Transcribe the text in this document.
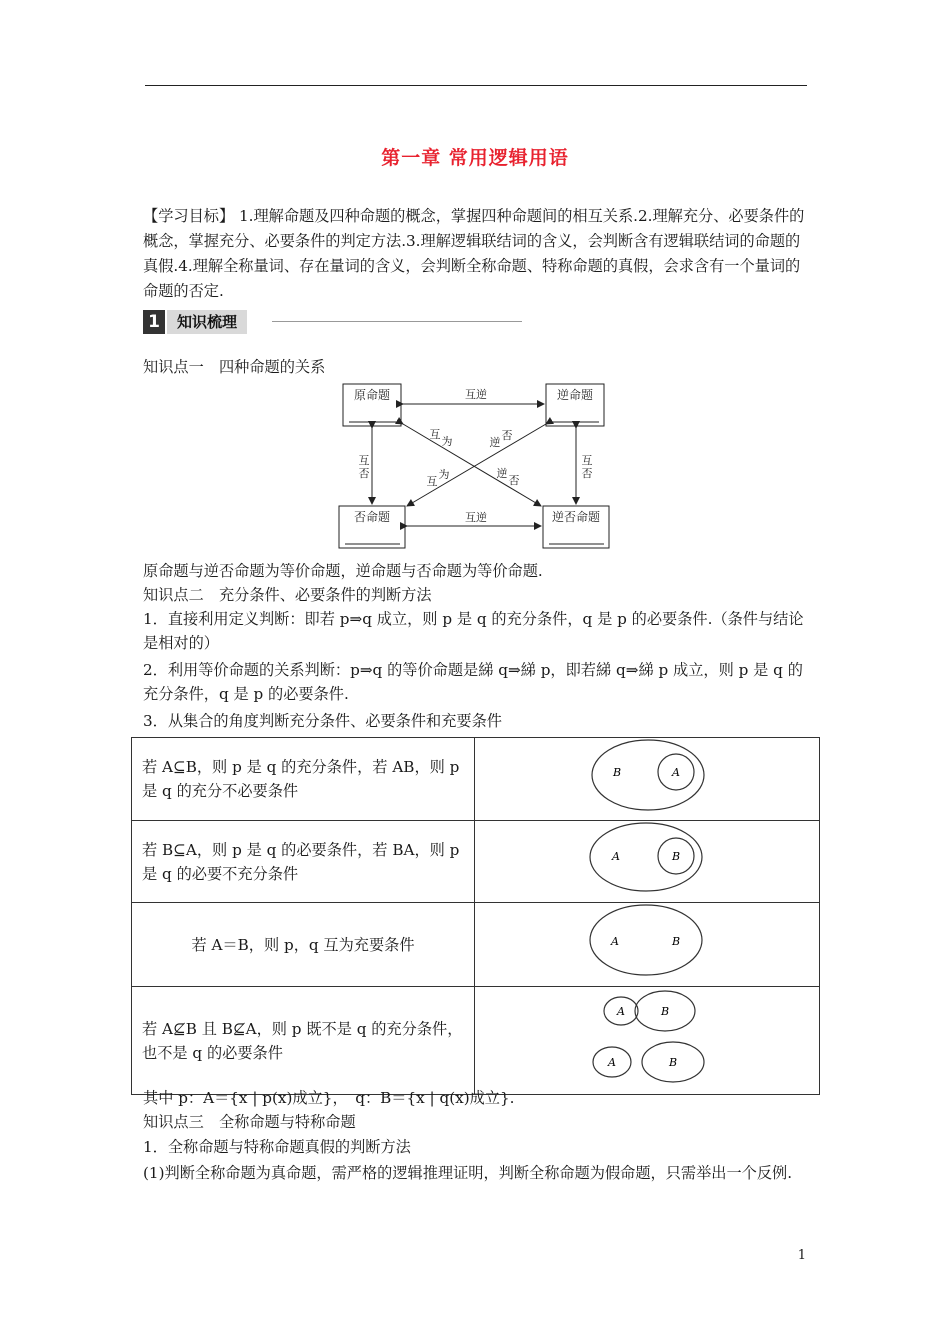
第一章 常用逻辑用语
【学习目标】 1.理解命题及四种命题的概念，掌握四种命题间的相互关系.2.理解充分、必要条件的概念，掌握充分、必要条件的判定方法.3.理解逻辑联结词的含义，会判断含有逻辑联结词的命题的真假.4.理解全称量词、存在量词的含义，会判断全称命题、特称命题的真假，会求含有一个量词的命题的否定.
1	知识梳理
知识点一　四种命题的关系
原命题	逆命题
否命题	逆否命题
互逆
互逆
互
否
互
否
互
为	逆
否
为
互
逆
否
原命题与逆否命题为等价命题，逆命题与否命题为等价命题.
知识点二　充分条件、必要条件的判断方法
1．直接利用定义判断：即若 p⇒q 成立，则 p 是 q 的充分条件，q 是 p 的必要条件.（条件与结论是相对的）
2．利用等价命题的关系判断：p⇒q 的等价命题是綈 q⇒綈 p，即若綈 q⇒綈 p 成立，则 p 是 q 的充分条件，q 是 p 的必要条件.
3．从集合的角度判断充分条件、必要条件和充要条件
若 A⊆B，则 p 是 q 的充分条件，若 AB，则 p 是 q 的充分不必要条件	B A

若 B⊆A，则 p 是 q 的必要条件，若 BA，则 p 是 q 的必要不充分条件	A B

若 A＝B，则 p，q 互为充要条件	A B

若 A⊈B 且 B⊈A，则 p 既不是 q 的充分条件，也不是 q 的必要条件	A B
A B
其中 p：A＝{x | p(x)成立}，　q：B＝{x | q(x)成立}.
知识点三　全称命题与特称命题
1．全称命题与特称命题真假的判断方法
(1)判断全称命题为真命题，需严格的逻辑推理证明，判断全称命题为假命题，只需举出一个反例.
1
